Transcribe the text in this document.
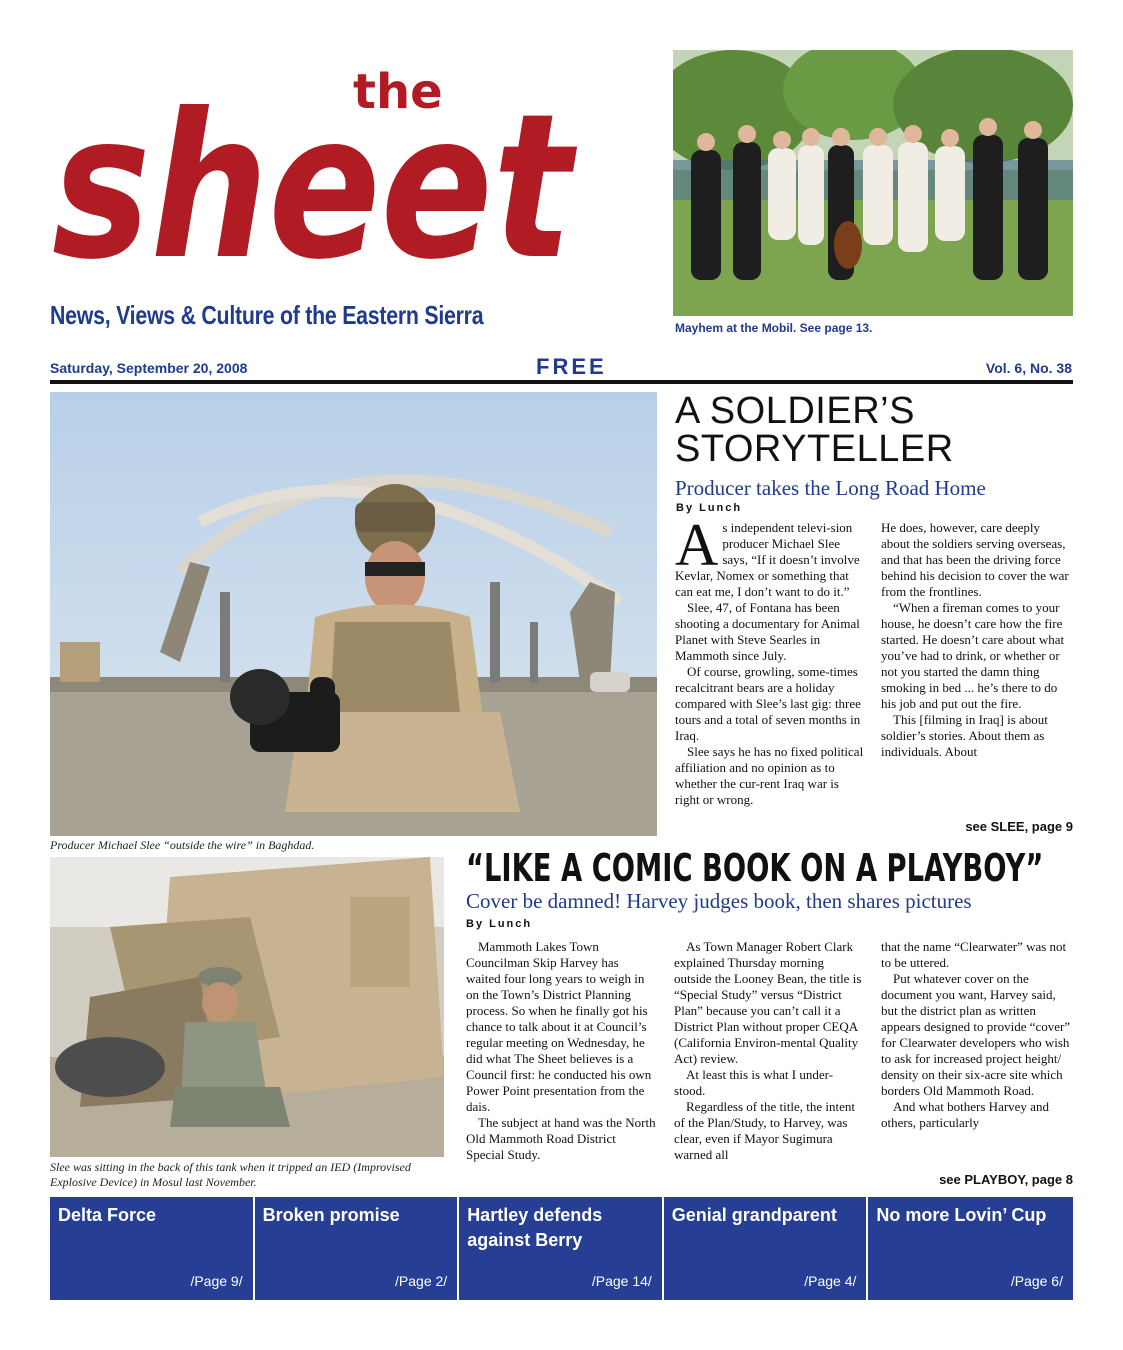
the
sheet
News, Views & Culture of the Eastern Sierra	Mayhem at the Mobil. See page 13.
Saturday, September 20, 2008	FREE	Vol. 6, No. 38
Producer Michael Slee “outside the wire” in Baghdad.
A SOLDIER’S
STORYTELLER
Producer takes the Long Road Home
By Lunch

As independent televi-sion producer Michael Slee says, “If it doesn’t involve Kevlar, Nomex or something that can eat me, I don’t want to do it.”

Slee, 47, of Fontana has been shooting a documentary for Animal Planet with Steve Searles in Mammoth since July.

Of course, growling, some-times recalcitrant bears are a holiday compared with Slee’s last gig: three tours and a total of seven months in Iraq.

Slee says he has no fixed political affiliation and no opinion as to whether the cur-rent Iraq war is right or wrong.

He does, however, care deeply about the soldiers serving overseas, and that has been the driving force behind his decision to cover the war from the frontlines.

“When a fireman comes to your house, he doesn’t care how the fire started. He doesn’t care about what you’ve had to drink, or whether or not you started the damn thing smoking in bed ... he’s there to do his job and put out the fire.

This [filming in Iraq] is about soldier’s stories. About them as individuals. About

see SLEE, page 9
Slee was sitting in the back of this tank when it tripped an IED (Improvised Explosive Device) in Mosul last November.
“LIKE A COMIC BOOK ON A PLAYBOY”
Cover be damned! Harvey judges book, then shares pictures
By Lunch

Mammoth Lakes Town Councilman Skip Harvey has waited four long years to weigh in on the Town’s District Planning process. So when he finally got his chance to talk about it at Council’s regular meeting on Wednesday, he did what The Sheet believes is a Council first: he conducted his own Power Point presentation from the dais.

The subject at hand was the North Old Mammoth Road District Special Study.

As Town Manager Robert Clark explained Thursday morning outside the Looney Bean, the title is “Special Study” versus “District Plan” because you can’t call it a District Plan without proper CEQA (California Environ-mental Quality Act) review.

At least this is what I under-stood.

Regardless of the title, the intent of the Plan/Study, to Harvey, was clear, even if Mayor Sugimura warned all

that the name “Clearwater” was not to be uttered.

Put whatever cover on the document you want, Harvey said, but the district plan as written appears designed to provide “cover” for Clearwater developers who wish to ask for increased project height/ density on their six-acre site which borders Old Mammoth Road.

And what bothers Harvey and others, particularly

see PLAYBOY, page 8
Delta Force
/Page 9/
Broken promise
/Page 2/
Hartley defends against Berry
/Page 14/
Genial grandparent
/Page 4/
No more Lovin’ Cup
/Page 6/
